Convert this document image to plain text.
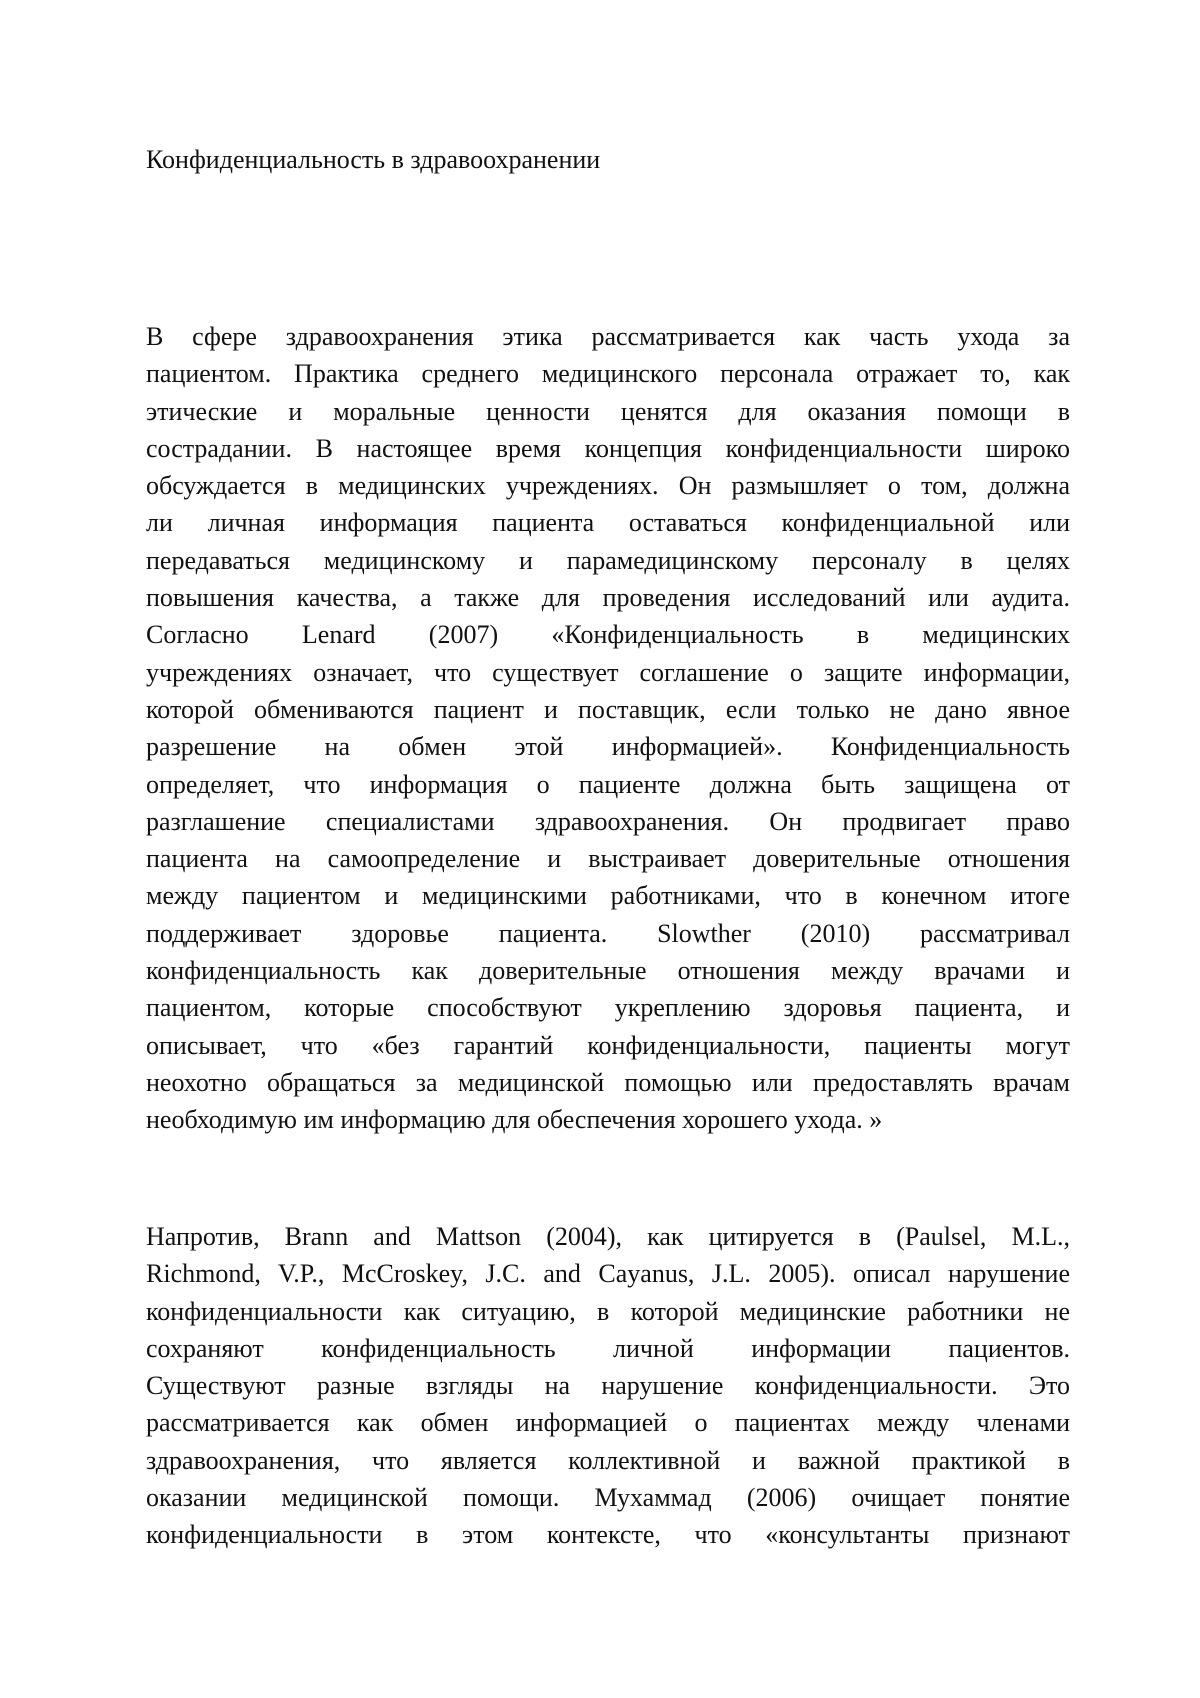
Конфиденциальность в здравоохранении
В сфере здравоохранения этика рассматривается как часть ухода за
пациентом. Практика среднего медицинского персонала отражает то, как
этические и моральные ценности ценятся для оказания помощи в
сострадании. В настоящее время концепция конфиденциальности широко
обсуждается в медицинских учреждениях. Он размышляет о том, должна
ли личная информация пациента оставаться конфиденциальной или
передаваться медицинскому и парамедицинскому персоналу в целях
повышения качества, а также для проведения исследований или аудита.
Согласно Lenard (2007) «Конфиденциальность в медицинских
учреждениях означает, что существует соглашение о защите информации,
которой обмениваются пациент и поставщик, если только не дано явное
разрешение на обмен этой информацией». Конфиденциальность
определяет, что информация о пациенте должна быть защищена от
разглашение специалистами здравоохранения. Он продвигает право
пациента на самоопределение и выстраивает доверительные отношения
между пациентом и медицинскими работниками, что в конечном итоге
поддерживает здоровье пациента. Slowther (2010) рассматривал
конфиденциальность как доверительные отношения между врачами и
пациентом, которые способствуют укреплению здоровья пациента, и
описывает, что «без гарантий конфиденциальности, пациенты могут
неохотно обращаться за медицинской помощью или предоставлять врачам
необходимую им информацию для обеспечения хорошего ухода. »
Напротив, Brann and Mattson (2004), как цитируется в (Paulsel, M.L.,
Richmond, V.P., McCroskey, J.C. and Cayanus, J.L. 2005). описал нарушение
конфиденциальности как ситуацию, в которой медицинские работники не
сохраняют конфиденциальность личной информации пациентов.
Существуют разные взгляды на нарушение конфиденциальности. Это
рассматривается как обмен информацией о пациентах между членами
здравоохранения, что является коллективной и важной практикой в
оказании медицинской помощи. Мухаммад (2006) очищает понятие
конфиденциальности в этом контексте, что «консультанты признают
